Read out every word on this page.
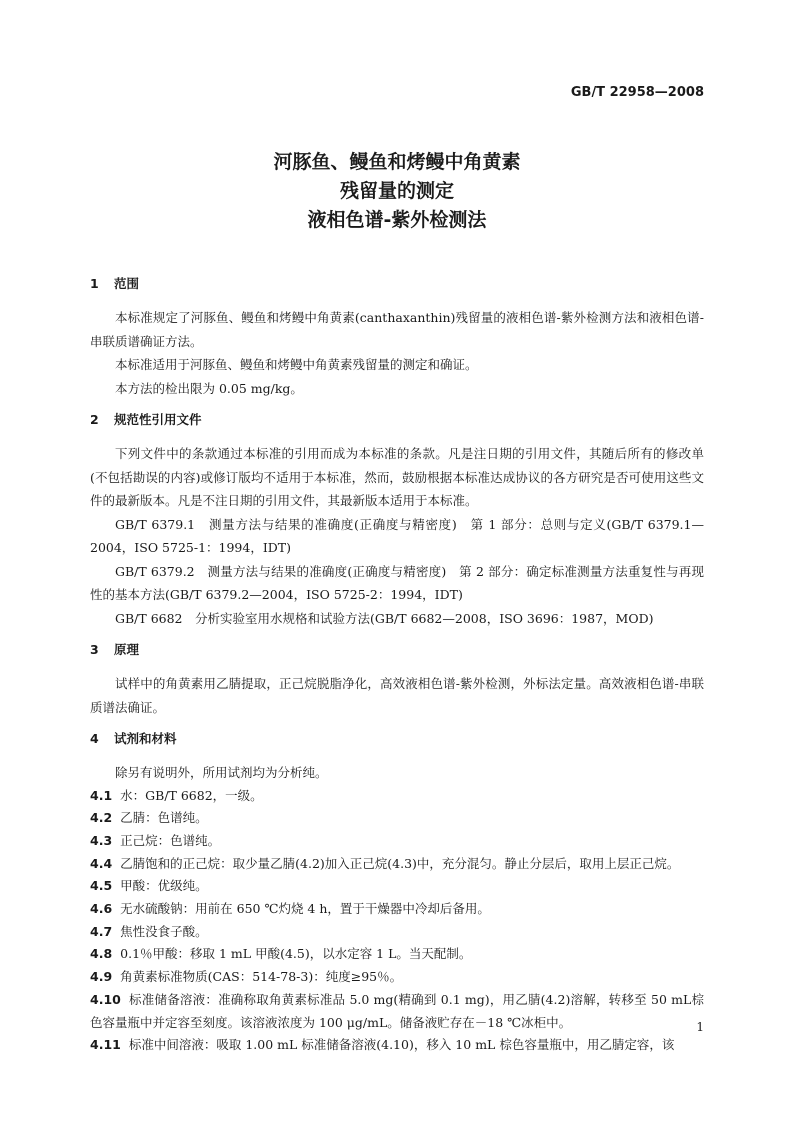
GB/T 22958—2008
河豚鱼、鳗鱼和烤鳗中角黄素
残留量的测定
液相色谱-紫外检测法
1 范围
本标准规定了河豚鱼、鳗鱼和烤鳗中角黄素(canthaxanthin)残留量的液相色谱-紫外检测方法和液相色谱-串联质谱确证方法。
本标准适用于河豚鱼、鳗鱼和烤鳗中角黄素残留量的测定和确证。
本方法的检出限为 0.05 mg/kg。
2 规范性引用文件
下列文件中的条款通过本标准的引用而成为本标准的条款。凡是注日期的引用文件，其随后所有的修改单(不包括勘误的内容)或修订版均不适用于本标准，然而，鼓励根据本标准达成协议的各方研究是否可使用这些文件的最新版本。凡是不注日期的引用文件，其最新版本适用于本标准。
GB/T 6379.1　测量方法与结果的准确度(正确度与精密度)　第 1 部分：总则与定义(GB/T 6379.1—2004，ISO 5725-1：1994，IDT)
GB/T 6379.2　测量方法与结果的准确度(正确度与精密度)　第 2 部分：确定标准测量方法重复性与再现性的基本方法(GB/T 6379.2—2004，ISO 5725-2：1994，IDT)
GB/T 6682　分析实验室用水规格和试验方法(GB/T 6682—2008，ISO 3696：1987，MOD)
3 原理
试样中的角黄素用乙腈提取，正己烷脱脂净化，高效液相色谱-紫外检测，外标法定量。高效液相色谱-串联质谱法确证。
4 试剂和材料
除另有说明外，所用试剂均为分析纯。
4.1 水：GB/T 6682，一级。
4.2 乙腈：色谱纯。
4.3 正己烷：色谱纯。
4.4 乙腈饱和的正己烷：取少量乙腈(4.2)加入正己烷(4.3)中，充分混匀。静止分层后，取用上层正己烷。
4.5 甲酸：优级纯。
4.6 无水硫酸钠：用前在 650 ℃灼烧 4 h，置于干燥器中冷却后备用。
4.7 焦性没食子酸。
4.8 0.1％甲酸：移取 1 mL 甲酸(4.5)，以水定容 1 L。当天配制。
4.9 角黄素标准物质(CAS：514-78-3)：纯度≥95％。
4.10 标准储备溶液：准确称取角黄素标准品 5.0 mg(精确到 0.1 mg)，用乙腈(4.2)溶解，转移至 50 mL棕色容量瓶中并定容至刻度。该溶液浓度为 100 μg/mL。储备液贮存在－18 ℃冰柜中。
4.11 标准中间溶液：吸取 1.00 mL 标准储备溶液(4.10)，移入 10 mL 棕色容量瓶中，用乙腈定容，该
1
